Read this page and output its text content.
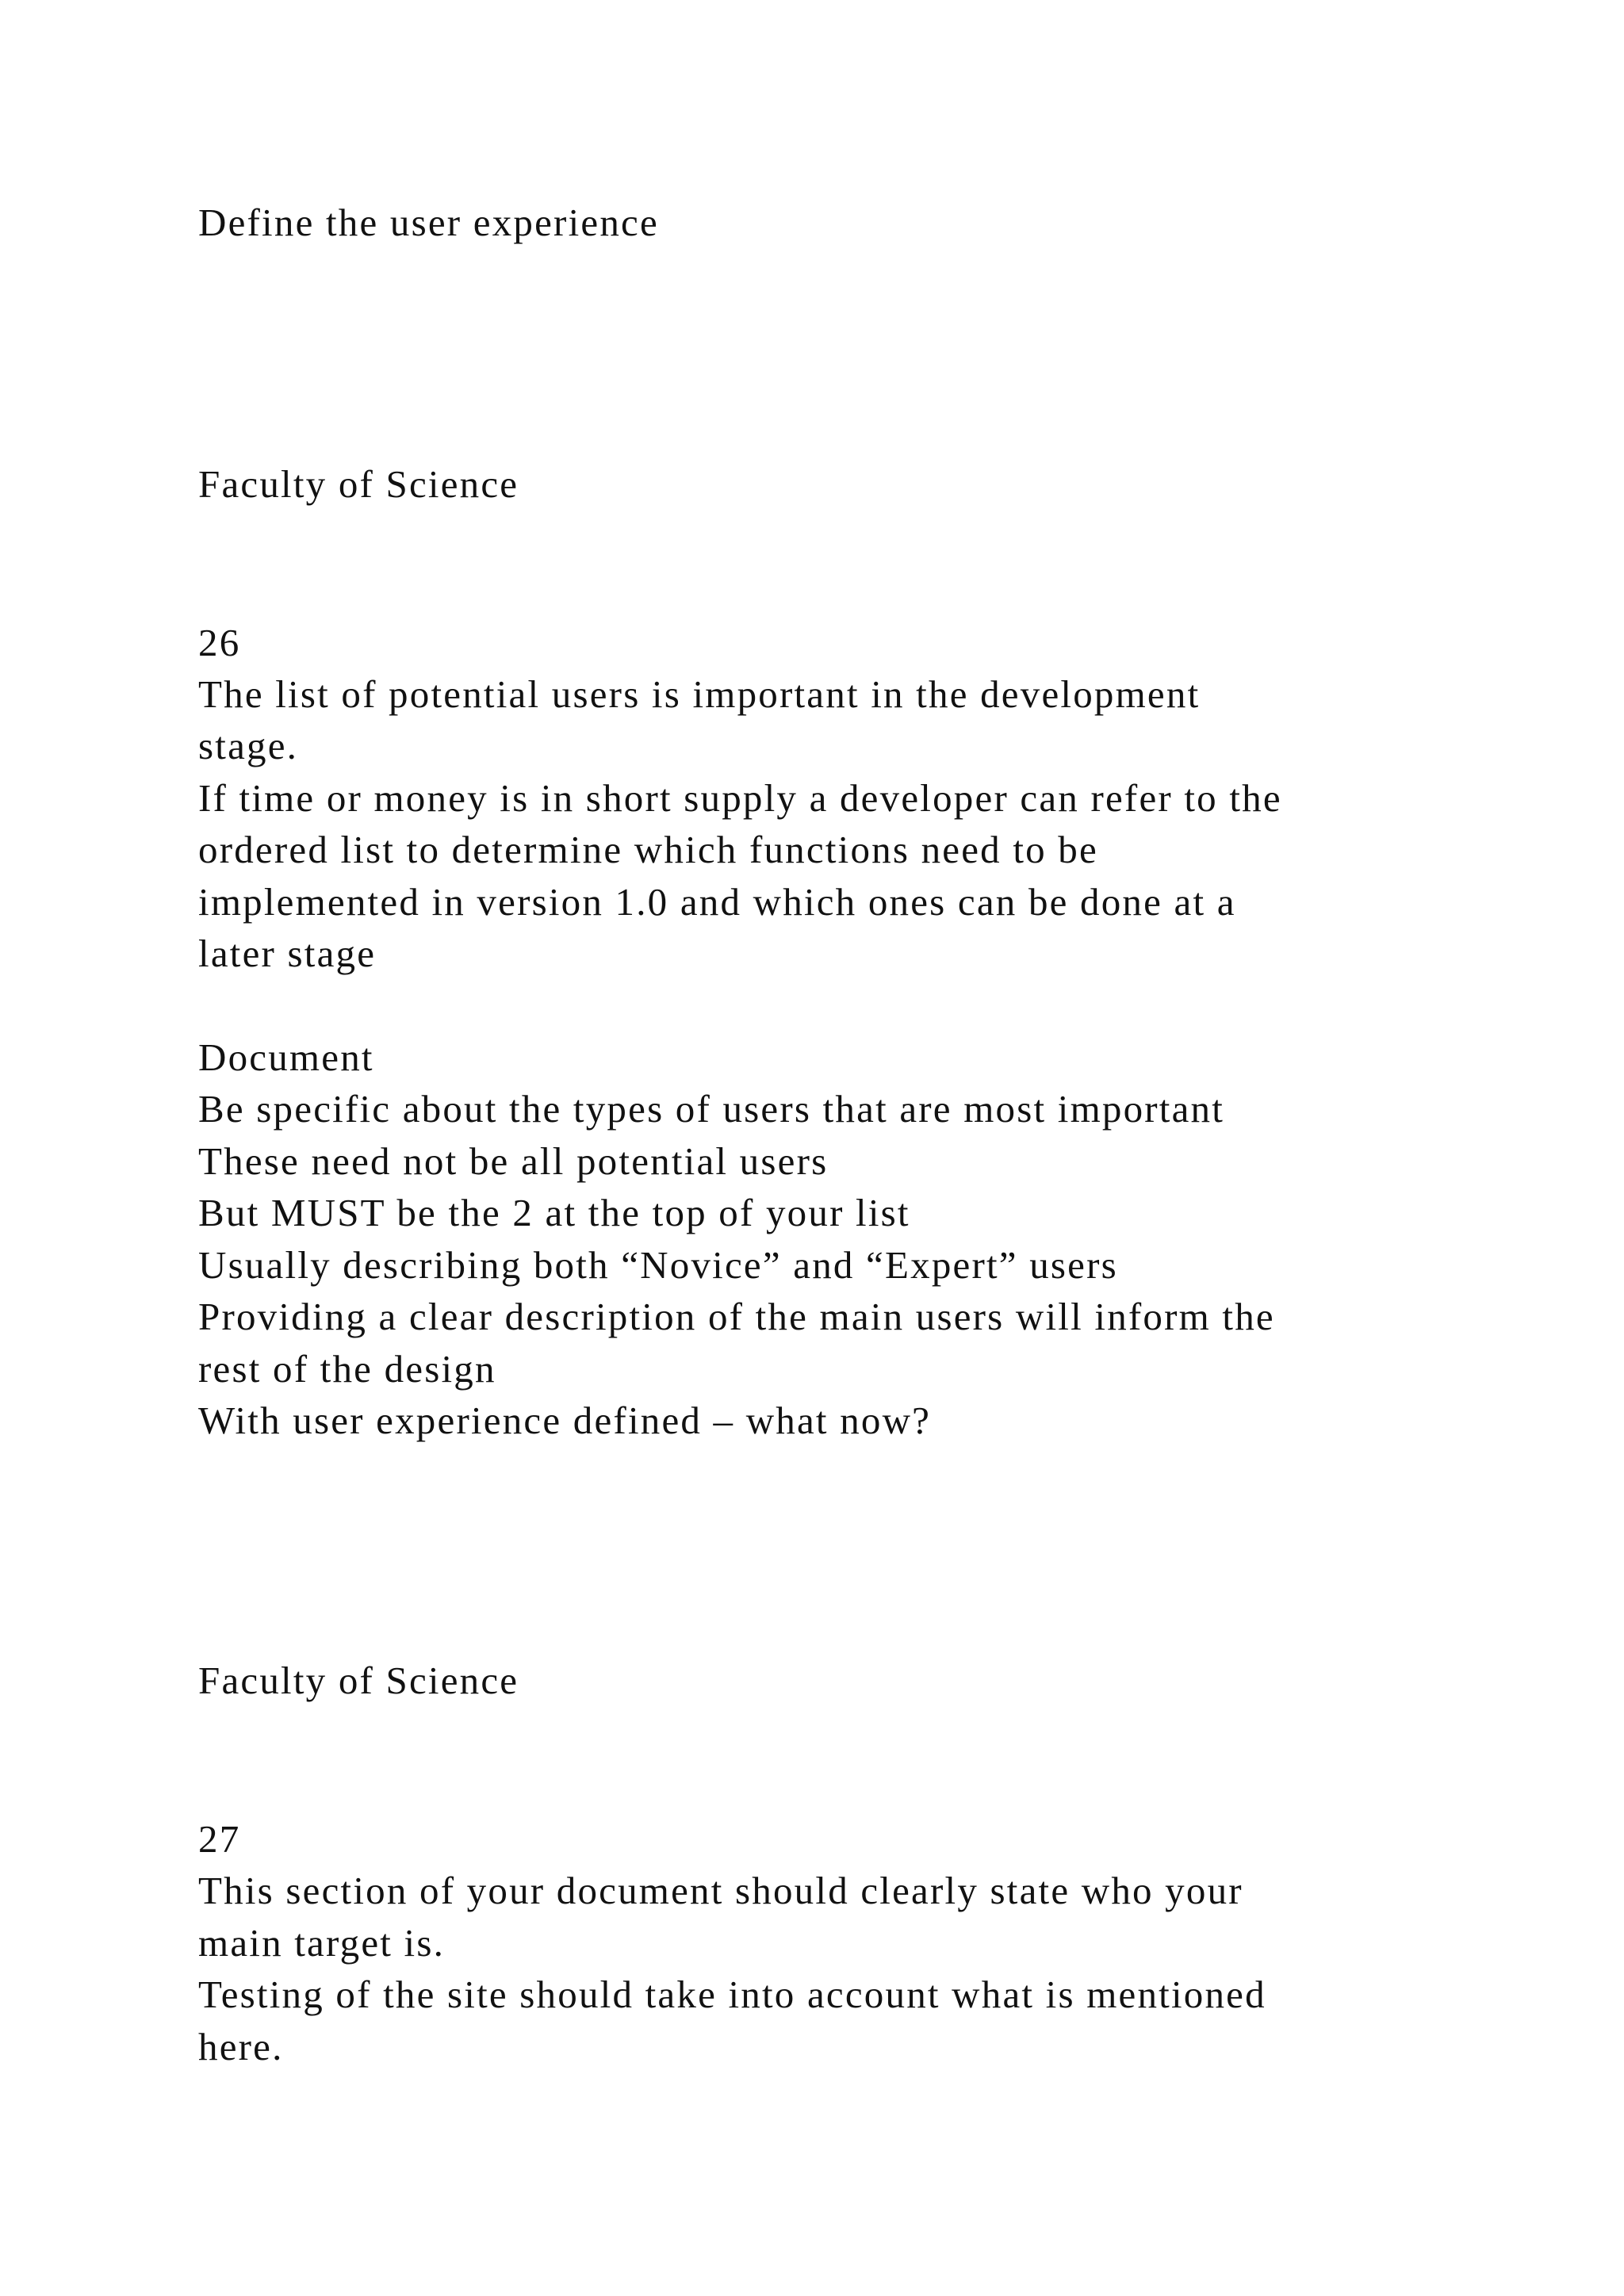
Define the user experience

Faculty of Science

26

The list of potential users is important in the development

stage.

If time or money is in short supply a developer can refer to the

ordered list to determine which functions need to be

implemented in version 1.0 and which ones can be done at a

later stage

Document

Be specific about the types of users that are most important

These need not be all potential users

But MUST be the 2 at the top of your list

Usually describing both “Novice” and “Expert” users

Providing a clear description of the main users will inform the

rest of the design

With user experience defined – what now?

Faculty of Science

27

This section of your document should clearly state who your

main target is.

Testing of the site should take into account what is mentioned

here.
